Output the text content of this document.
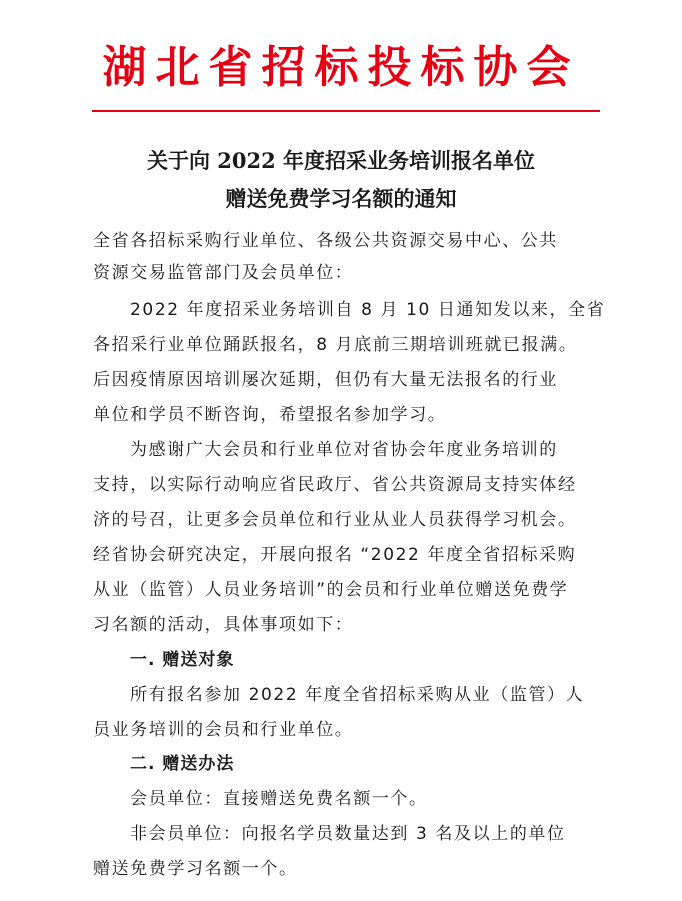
湖北省招标投标协会
关于向 2022 年度招采业务培训报名单位
赠送免费学习名额的通知
全省各招标采购行业单位、各级公共资源交易中心、公共
资源交易监管部门及会员单位：
2022 年度招采业务培训自 8 月 10 日通知发以来，全省
各招采行业单位踊跃报名，8 月底前三期培训班就已报满。
后因疫情原因培训屡次延期，但仍有大量无法报名的行业
单位和学员不断咨询，希望报名参加学习。
为感谢广大会员和行业单位对省协会年度业务培训的
支持，以实际行动响应省民政厅、省公共资源局支持实体经
济的号召，让更多会员单位和行业从业人员获得学习机会。
经省协会研究决定，开展向报名 “2022 年度全省招标采购
从业（监管）人员业务培训”的会员和行业单位赠送免费学
习名额的活动，具体事项如下：
一. 赠送对象
所有报名参加 2022 年度全省招标采购从业（监管）人
员业务培训的会员和行业单位。
二. 赠送办法
会员单位：直接赠送免费名额一个。
非会员单位：向报名学员数量达到 3 名及以上的单位
赠送免费学习名额一个。
